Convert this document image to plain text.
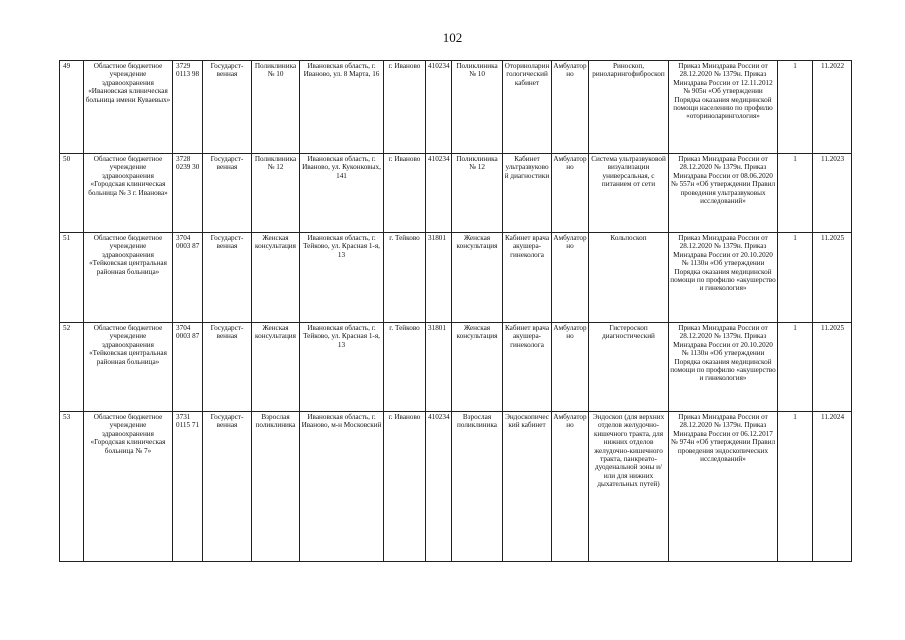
102
49	Областное бюджетное учреждение здравоохранения «Ивановская клиническая больница имени Куваевых»	3729 0113 98	Государст-венная	Поликлиника № 10	Ивановская область, г. Иваново, ул. 8 Марта, 16	г. Иваново	410234	Поликлиника № 10	Оториноларингологический кабинет	Амбулаторно	Риноскоп, риноларингофиброскоп	Приказ Минздрава России от 28.12.2020 № 1379н. Приказ Минздрава России от 12.11.2012 № 905н «Об утверждении Порядка оказания медицинской помощи населению по профилю «оториноларингология»	1	11.2022
50	Областное бюджетное учреждение здравоохранения «Городская клиническая больница № 3 г. Иванова»	3728 0239 30	Государст-венная	Поликлиника № 12	Ивановская область, г. Иваново, ул. Куконковых, 141	г. Иваново	410234	Поликлиника № 12	Кабинет ультразвуковой диагностики	Амбулаторно	Система ультразвуковой визуализации универсальная, с питанием от сети	Приказ Минздрава России от 28.12.2020 № 1379н. Приказ Минздрава России от 08.06.2020 № 557н «Об утверждении Правил проведения ультразвуковых исследований»	1	11.2023
51	Областное бюджетное учреждение здравоохранения «Тейковская центральная районная больница»	3704 0003 87	Государст-венная	Женская консультация	Ивановская область, г. Тейково, ул. Красная 1-я, 13	г. Тейково	31801	Женская консультация	Кабинет врача акушера-гинеколога	Амбулаторно	Кольпоскоп	Приказ Минздрава России от 28.12.2020 № 1379н. Приказ Минздрава России от 20.10.2020 № 1130н «Об утверждении Порядка оказания медицинской помощи по профилю «акушерство и гинекология»	1	11.2025
52	Областное бюджетное учреждение здравоохранения «Тейковская центральная районная больница»	3704 0003 87	Государст-венная	Женская консультация	Ивановская область, г. Тейково, ул. Красная 1-я, 13	г. Тейково	31801	Женская консультация	Кабинет врача акушера-гинеколога	Амбулаторно	Гистероскоп диагностический	Приказ Минздрава России от 28.12.2020 № 1379н. Приказ Минздрава России от 20.10.2020 № 1130н «Об утверждении Порядка оказания медицинской помощи по профилю «акушерство и гинекология»	1	11.2025
53	Областное бюджетное учреждение здравоохранения «Городская клиническая больница № 7»	3731 0115 71	Государст-венная	Взрослая поликлиника	Ивановская область, г. Иваново, м-н Московский	г. Иваново	410234	Взрослая поликлиника	Эндоскопический кабинет	Амбулаторно	Эндоскоп (для верхних отделов желудочно-кишечного тракта, для нижних отделов желудочно-кишечного тракта, панкреато-дуоденальной зоны и/или для нижних дыхательных путей)	Приказ Минздрава России от 28.12.2020 № 1379н. Приказ Минздрава России от 06.12.2017 № 974н «Об утверждении Правил проведения эндоскопических исследований»	1	11.2024
